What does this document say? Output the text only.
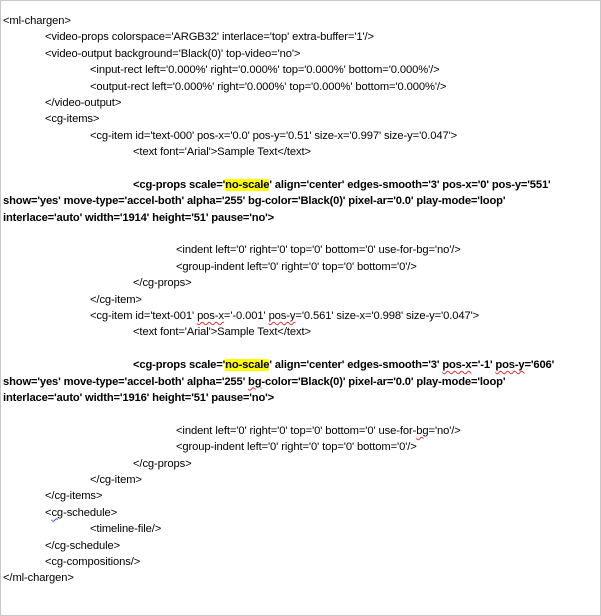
<ml-chargen>
<video-props colorspace='ARGB32' interlace='top' extra-buffer='1'/>
<video-output background='Black(0)' top-video='no'>
<input-rect left='0.000%' right='0.000%' top='0.000%' bottom='0.000%'/>
<output-rect left='0.000%' right='0.000%' top='0.000%' bottom='0.000%'/>
</video-output>
<cg-items>
<cg-item id='text-000' pos-x='0.0' pos-y='0.51' size-x='0.997' size-y='0.047'>
<text font='Arial'>Sample Text</text>
<cg-props scale='no-scale' align='center' edges-smooth='3' pos-x='0' pos-y='551'
show='yes' move-type='accel-both' alpha='255' bg-color='Black(0)' pixel-ar='0.0' play-mode='loop'
interlace='auto' width='1914' height='51' pause='no'>
<indent left='0' right='0' top='0' bottom='0' use-for-bg='no'/>
<group-indent left='0' right='0' top='0' bottom='0'/>
</cg-props>
</cg-item>
<cg-item id='text-001' pos-x='-0.001' pos-y='0.561' size-x='0.998' size-y='0.047'>
<text font='Arial'>Sample Text</text>
<cg-props scale='no-scale' align='center' edges-smooth='3' pos-x='-1' pos-y='606'
show='yes' move-type='accel-both' alpha='255' bg-color='Black(0)' pixel-ar='0.0' play-mode='loop'
interlace='auto' width='1916' height='51' pause='no'>
<indent left='0' right='0' top='0' bottom='0' use-for-bg='no'/>
<group-indent left='0' right='0' top='0' bottom='0'/>
</cg-props>
</cg-item>
</cg-items>
<cg-schedule>
<timeline-file/>
</cg-schedule>
<cg-compositions/>
</ml-chargen>
